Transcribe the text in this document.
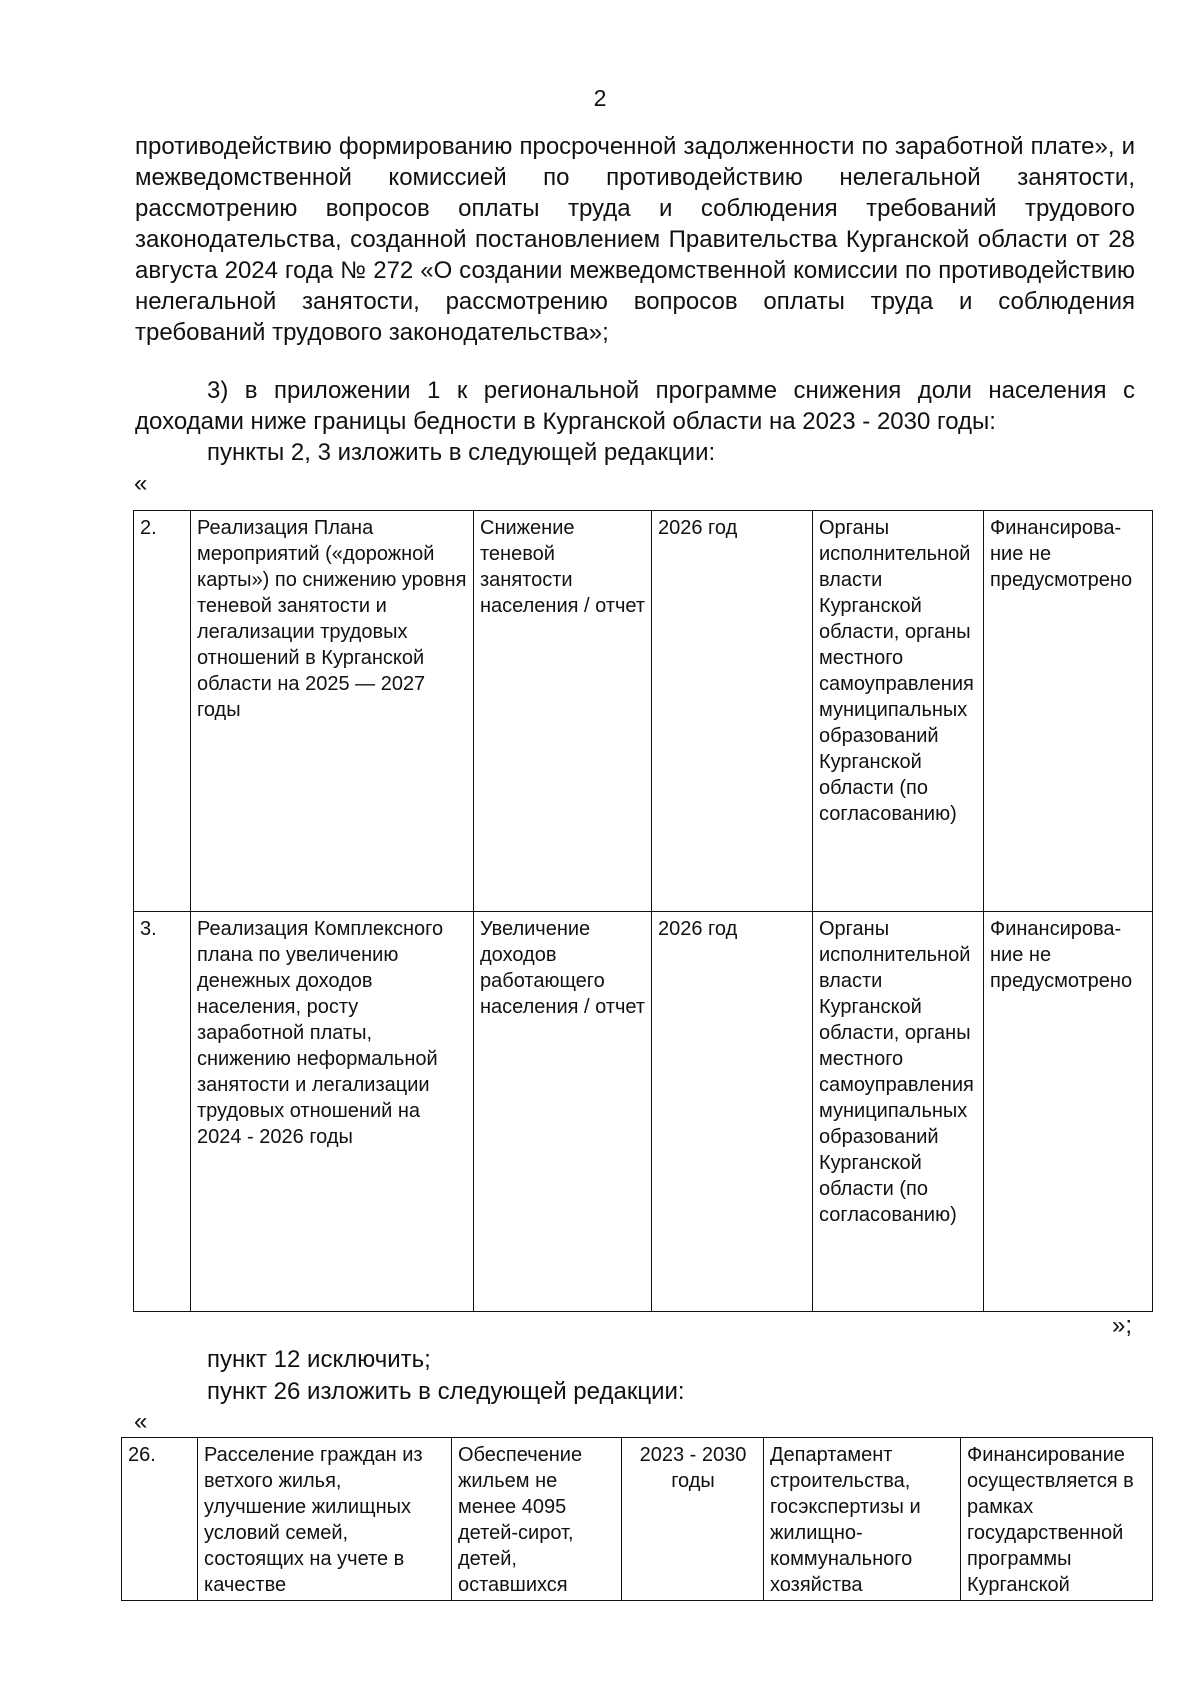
2

противодействию формированию просроченной задолженности по заработной плате», и межведомственной комиссией по противодействию нелегальной занятости, рассмотрению вопросов оплаты труда и соблюдения требований трудового законодательства, созданной постановлением Правительства Курганской области от 28 августа 2024 года № 272 «О создании межведомственной комиссии по противодействию нелегальной занятости, рассмотрению вопросов оплаты труда и соблюдения требований трудового законодательства»;

3) в приложении 1 к региональной программе снижения доли населения с доходами ниже границы бедности в Курганской области на 2023 - 2030 годы:

пункты 2, 3 изложить в следующей редакции:

«
2.	Реализация Плана мероприятий («дорожной карты») по снижению уровня теневой занятости и легализации трудовых отношений в Курганской области на 2025 — 2027 годы	Снижение теневой занятости населения / отчет	2026 год	Органы исполнительной власти Курганской области, органы местного самоуправления муниципальных образований Курганской области (по согласованию)	Финансирование не предусмотрено
3.	Реализация Комплексного плана по увеличению денежных доходов населения, росту заработной платы, снижению неформальной занятости и легализации трудовых отношений на 2024 - 2026 годы	Увеличение доходов работающего населения / отчет	2026 год	Органы исполнительной власти Курганской области, органы местного самоуправления муниципальных образований Курганской области (по согласованию)	Финансирование не предусмотрено
»;

пункт 12 исключить;

пункт 26 изложить в следующей редакции:

«
26.	Расселение граждан из ветхого жилья, улучшение жилищных условий семей, состоящих на учете в качестве	Обеспечение жильем не менее 4095 детей-сирот, детей, оставшихся	2023 - 2030 годы	Департамент строительства, госэкспертизы и жилищно-коммунального хозяйства	Финансирование осуществляется в рамках государственной программы Курганской
